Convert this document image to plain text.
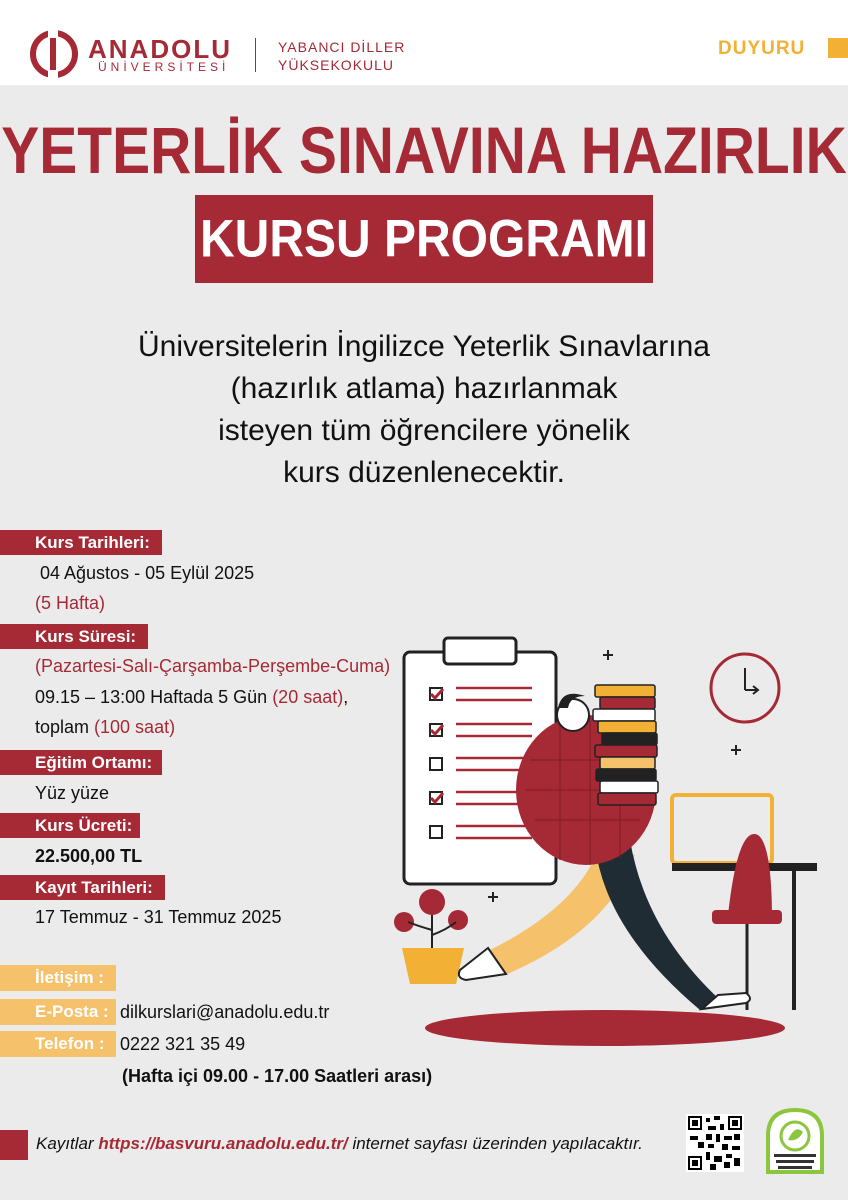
ANADOLU
ÜNİVERSİTESİ
YABANCI DİLLER
YÜKSEKOKULU
DUYURU
YETERLİK SINAVINA HAZIRLIK
KURSU PROGRAMI
Üniversitelerin İngilizce Yeterlik Sınavlarına
(hazırlık atlama) hazırlanmak
isteyen tüm öğrencilere yönelik
kurs düzenlenecektir.
Kurs Tarihleri:
04 Ağustos - 05 Eylül 2025
(5 Hafta)
Kurs Süresi:
(Pazartesi-Salı-Çarşamba-Perşembe-Cuma)
09.15 – 13:00 Haftada 5 Gün (20 saat),
toplam (100 saat)
Eğitim Ortamı:
Yüz yüze
Kurs Ücreti:
22.500,00 TL
Kayıt Tarihleri:
17 Temmuz - 31 Temmuz 2025
İletişim :
E-Posta : dilkurslari@anadolu.edu.tr
Telefon : 0222 321 35 49
(Hafta içi 09.00 - 17.00 Saatleri arası)
Kayıtlar https://basvuru.anadolu.edu.tr/ internet sayfası üzerinden yapılacaktır.
